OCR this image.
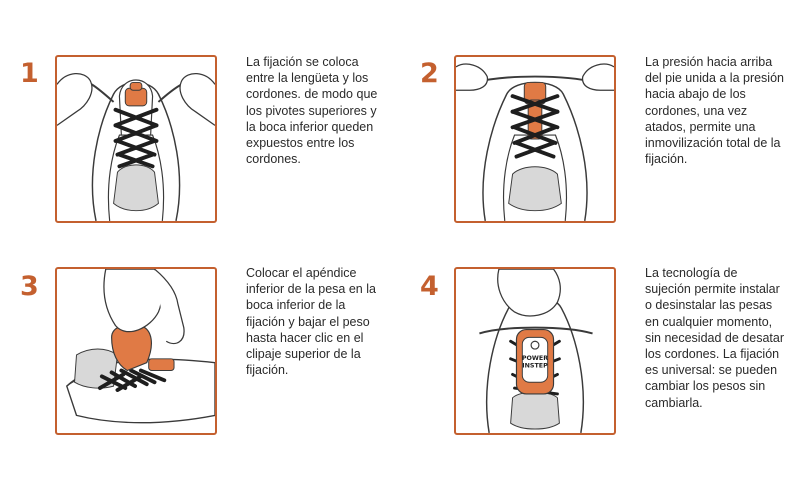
1	La fijación se coloca entre la lengüeta y los cordones. de modo que los pivotes superiores y la boca inferior queden expuestos entre los cordones.
2	La presión hacia arriba del pie unida a la presión hacia abajo de los cordones, una vez atados, permite una inmovilización total de la fijación.
3	Colocar el apéndice inferior de la pesa en la boca inferior de la fijación y bajar el peso hasta hacer clic en el clipaje superior de la fijación.
4
POWER
INSTEP
La tecnología de sujeción permite instalar o desinstalar las pesas en cualquier momento, sin necesidad de desatar los cordones. La fijación es universal: se pueden cambiar los pesos sin cambiarla.
